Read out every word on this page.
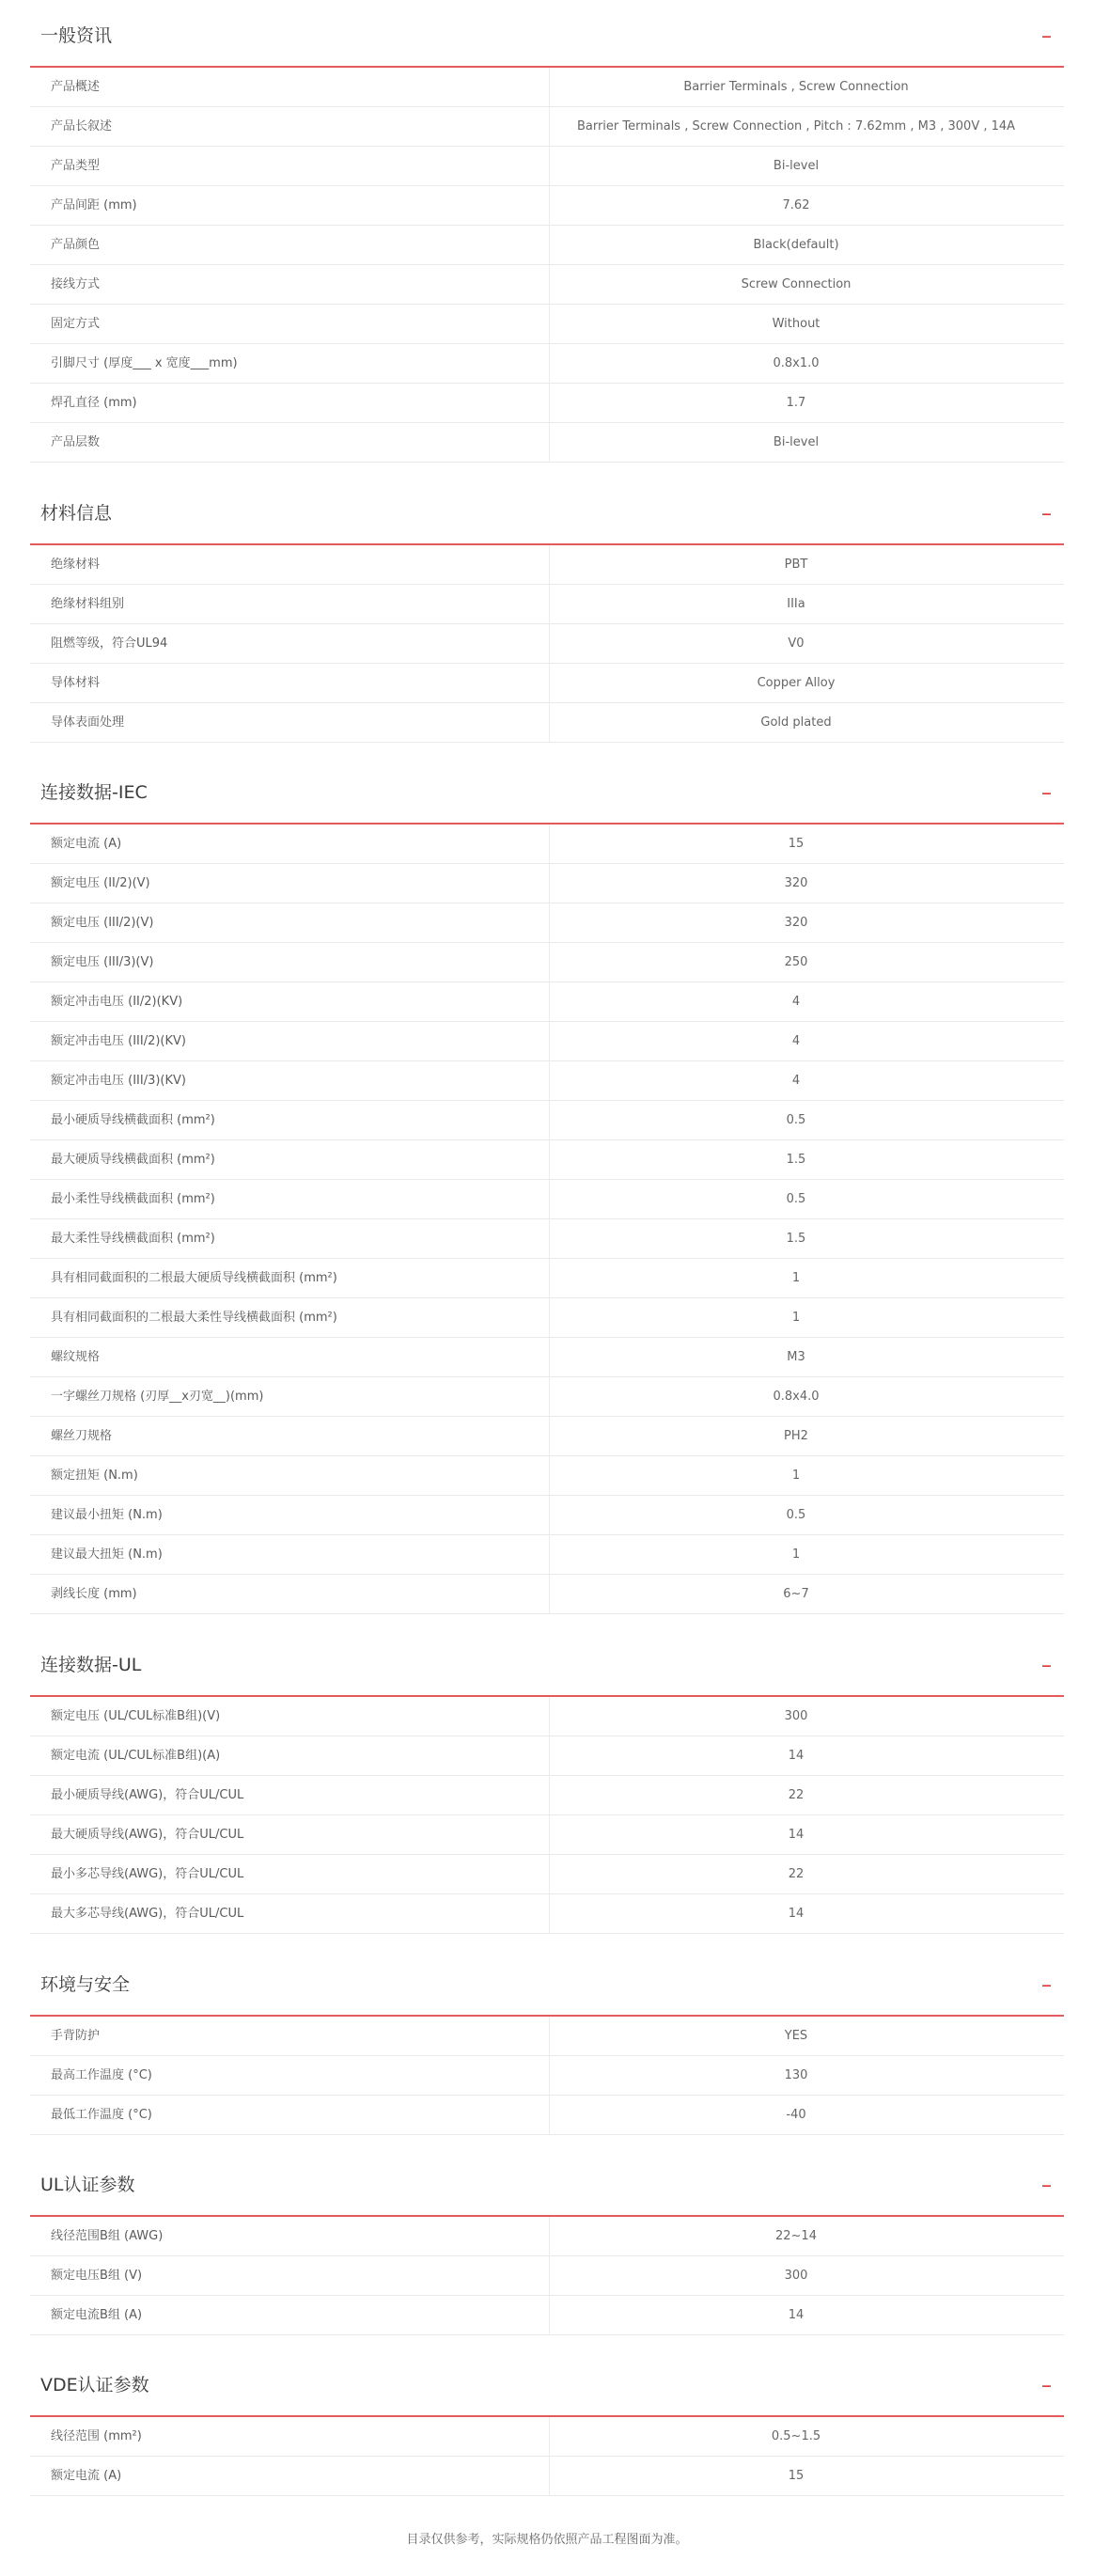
一般资讯	_
产品概述	Barrier Terminals , Screw Connection
产品长叙述	Barrier Terminals , Screw Connection , Pitch : 7.62mm , M3 , 300V , 14A
产品类型	Bi-level
产品间距 (mm)	7.62
产品颜色	Black(default)
接线方式	Screw Connection
固定方式	Without
引脚尺寸 (厚度___ x 宽度___mm)	0.8x1.0
焊孔直径 (mm)	1.7
产品层数	Bi-level
材料信息	_
绝缘材料	PBT
绝缘材料组别	IIIa
阻燃等级，符合UL94	V0
导体材料	Copper Alloy
导体表面处理	Gold plated
连接数据-IEC	_
额定电流 (A)	15
额定电压 (II/2)(V)	320
额定电压 (III/2)(V)	320
额定电压 (III/3)(V)	250
额定冲击电压 (II/2)(KV)	4
额定冲击电压 (III/2)(KV)	4
额定冲击电压 (III/3)(KV)	4
最小硬质导线横截面积 (mm²)	0.5
最大硬质导线横截面积 (mm²)	1.5
最小柔性导线横截面积 (mm²)	0.5
最大柔性导线横截面积 (mm²)	1.5
具有相同截面积的二根最大硬质导线横截面积 (mm²)	1
具有相同截面积的二根最大柔性导线横截面积 (mm²)	1
螺纹规格	M3
一字螺丝刀规格 (刃厚__x刃宽__)(mm)	0.8x4.0
螺丝刀规格	PH2
额定扭矩 (N.m)	1
建议最小扭矩 (N.m)	0.5
建议最大扭矩 (N.m)	1
剥线长度 (mm)	6~7
连接数据-UL	_
额定电压 (UL/CUL标准B组)(V)	300
额定电流 (UL/CUL标准B组)(A)	14
最小硬质导线(AWG)，符合UL/CUL	22
最大硬质导线(AWG)，符合UL/CUL	14
最小多芯导线(AWG)，符合UL/CUL	22
最大多芯导线(AWG)，符合UL/CUL	14
环境与安全	_
手背防护	YES
最高工作温度 (°C)	130
最低工作温度 (°C)	-40
UL认证参数	_
线径范围B组 (AWG)	22~14
额定电压B组 (V)	300
额定电流B组 (A)	14
VDE认证参数	_
线径范围 (mm²)	0.5~1.5
额定电流 (A)	15
目录仅供参考，实际规格仍依照产品工程图面为准。
